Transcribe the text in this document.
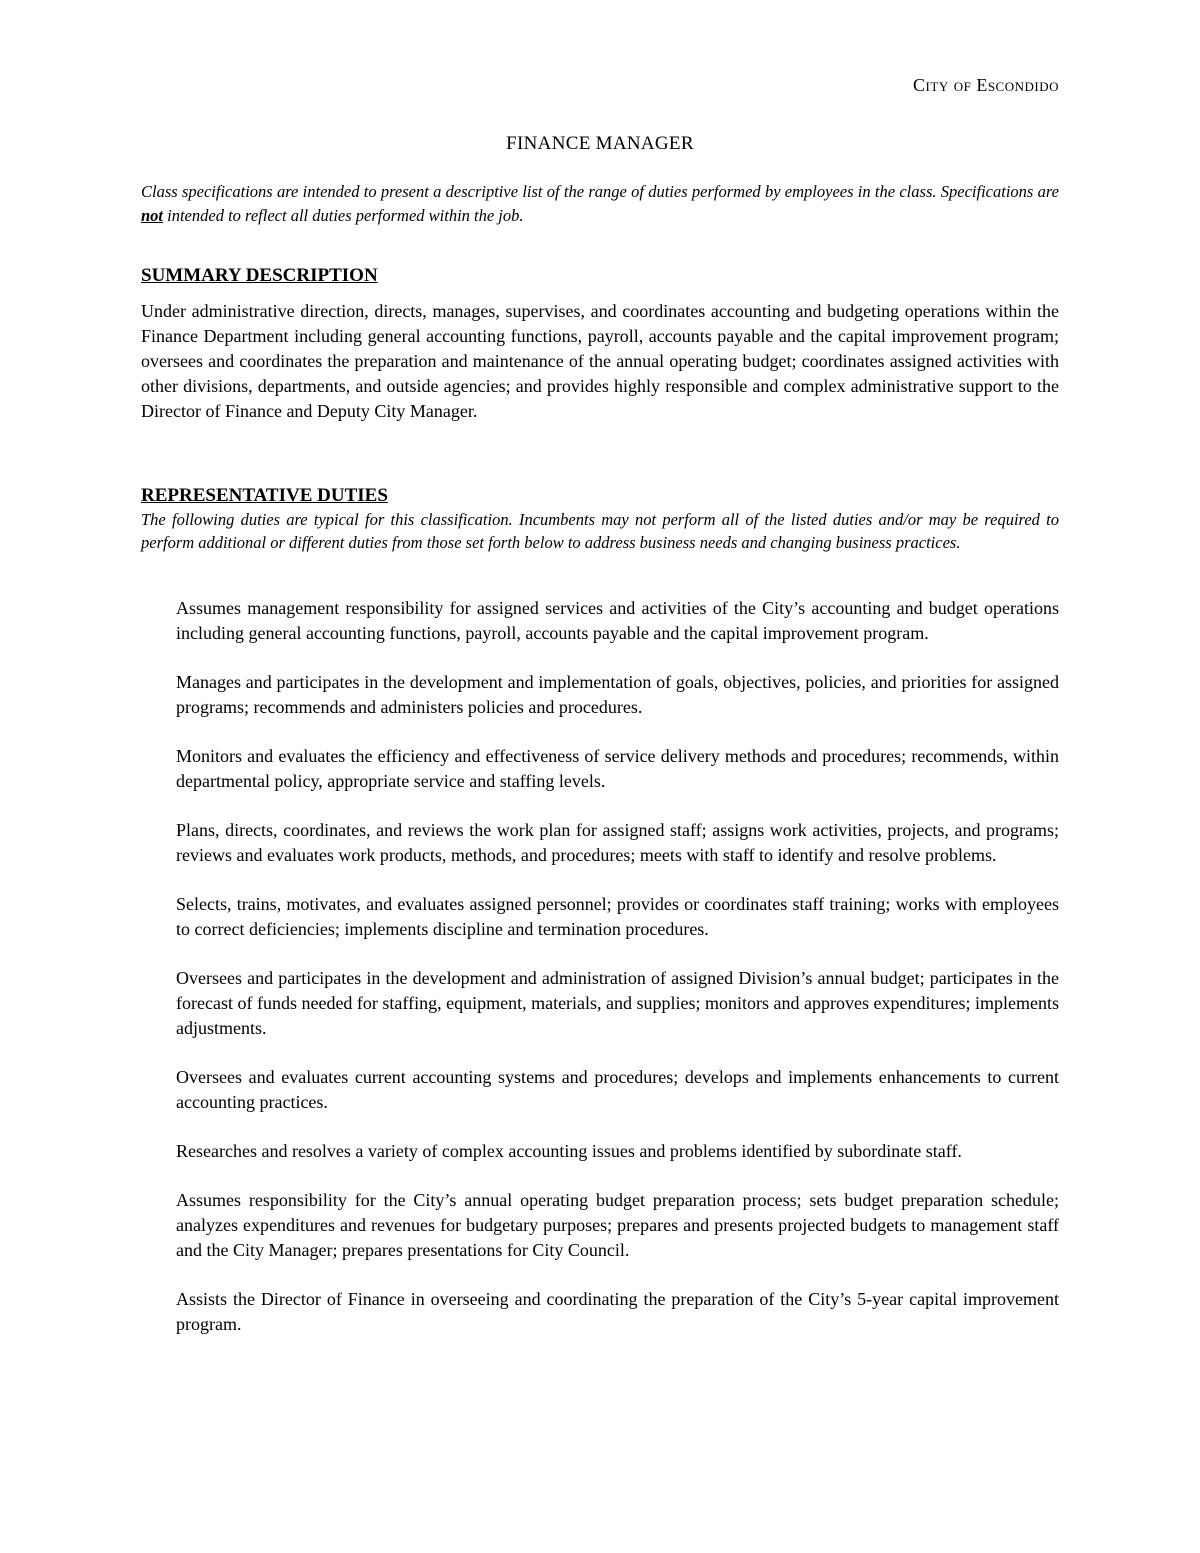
City of Escondido
FINANCE MANAGER

Class specifications are intended to present a descriptive list of the range of duties performed by employees in the class. Specifications are not intended to reflect all duties performed within the job.

SUMMARY DESCRIPTION

Under administrative direction, directs, manages, supervises, and coordinates accounting and budgeting operations within the Finance Department including general accounting functions, payroll, accounts payable and the capital improvement program; oversees and coordinates the preparation and maintenance of the annual operating budget; coordinates assigned activities with other divisions, departments, and outside agencies; and provides highly responsible and complex administrative support to the Director of Finance and Deputy City Manager.

REPRESENTATIVE DUTIES

The following duties are typical for this classification. Incumbents may not perform all of the listed duties and/or may be required to perform additional or different duties from those set forth below to address business needs and changing business practices.

Assumes management responsibility for assigned services and activities of the City’s accounting and budget operations including general accounting functions, payroll, accounts payable and the capital improvement program.
Manages and participates in the development and implementation of goals, objectives, policies, and priorities for assigned programs; recommends and administers policies and procedures.
Monitors and evaluates the efficiency and effectiveness of service delivery methods and procedures; recommends, within departmental policy, appropriate service and staffing levels.
Plans, directs, coordinates, and reviews the work plan for assigned staff; assigns work activities, projects, and programs; reviews and evaluates work products, methods, and procedures; meets with staff to identify and resolve problems.
Selects, trains, motivates, and evaluates assigned personnel; provides or coordinates staff training; works with employees to correct deficiencies; implements discipline and termination procedures.
Oversees and participates in the development and administration of assigned Division’s annual budget; participates in the forecast of funds needed for staffing, equipment, materials, and supplies; monitors and approves expenditures; implements adjustments.
Oversees and evaluates current accounting systems and procedures; develops and implements enhancements to current accounting practices.
Researches and resolves a variety of complex accounting issues and problems identified by subordinate staff.
Assumes responsibility for the City’s annual operating budget preparation process; sets budget preparation schedule; analyzes expenditures and revenues for budgetary purposes; prepares and presents projected budgets to management staff and the City Manager; prepares presentations for City Council.
Assists the Director of Finance in overseeing and coordinating the preparation of the City’s 5-year capital improvement program.
